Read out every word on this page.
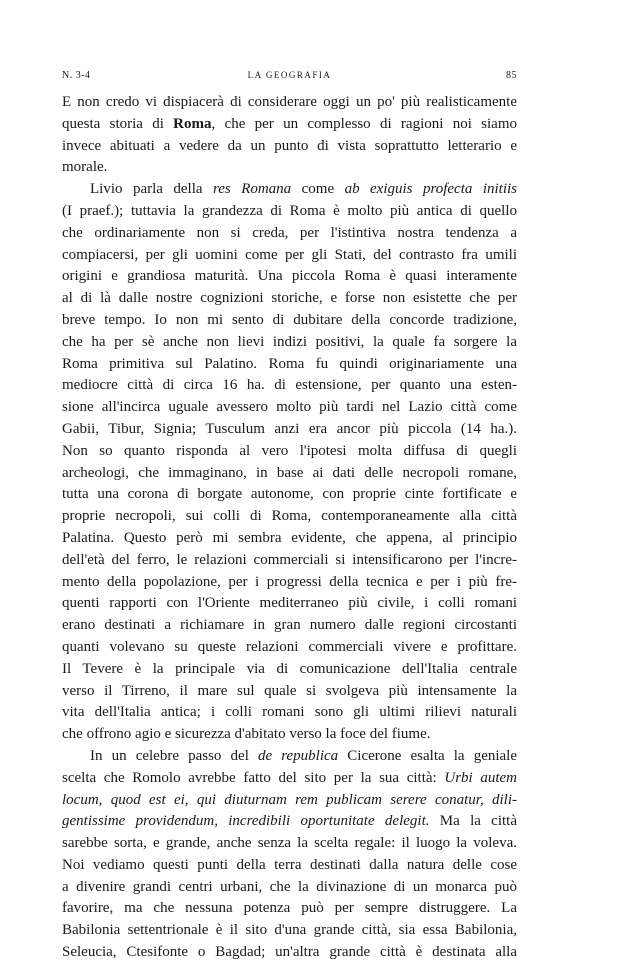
N. 3-4	LA GEOGRAFIA	85
E non credo vi dispiacerà di considerare oggi un po' più realisticamente
questa storia di Roma, che per un complesso di ragioni noi siamo
invece abituati a vedere da un punto di vista soprattutto letterario e
morale.
Livio parla della res Romana come ab exiguis profecta initiis
(I praef.); tuttavia la grandezza di Roma è molto più antica di quello
che ordinariamente non si creda, per l'istintiva nostra tendenza a
compiacersi, per gli uomini come per gli Stati, del contrasto fra umili
origini e grandiosa maturità. Una piccola Roma è quasi interamente
al di là dalle nostre cognizioni storiche, e forse non esistette che per
breve tempo. Io non mi sento di dubitare della concorde tradizione,
che ha per sè anche non lievi indizi positivi, la quale fa sorgere la
Roma primitiva sul Palatino. Roma fu quindi originariamente una
mediocre città di circa 16 ha. di estensione, per quanto una esten-
sione all'incirca uguale avessero molto più tardi nel Lazio città come
Gabii, Tibur, Signia; Tusculum anzi era ancor più piccola (14 ha.).
Non so quanto risponda al vero l'ipotesi molta diffusa di quegli
archeologi, che immaginano, in base ai dati delle necropoli romane,
tutta una corona di borgate autonome, con proprie cinte fortificate e
proprie necropoli, sui colli di Roma, contemporaneamente alla città
Palatina. Questo però mi sembra evidente, che appena, al principio
dell'età del ferro, le relazioni commerciali si intensificarono per l'incre-
mento della popolazione, per i progressi della tecnica e per i più fre-
quenti rapporti con l'Oriente mediterraneo più civile, i colli romani
erano destinati a richiamare in gran numero dalle regioni circostanti
quanti volevano su queste relazioni commerciali vivere e profittare.
Il Tevere è la principale via di comunicazione dell'Italia centrale
verso il Tirreno, il mare sul quale si svolgeva più intensamente la
vita dell'Italia antica; i colli romani sono gli ultimi rilievi naturali
che offrono agio e sicurezza d'abitato verso la foce del fiume.
In un celebre passo del de republica Cicerone esalta la geniale
scelta che Romolo avrebbe fatto del sito per la sua città: Urbi autem
locum, quod est ei, qui diuturnam rem publicam serere conatur, dili-
gentissime providendum, incredibili oportunitate delegit. Ma la città
sarebbe sorta, e grande, anche senza la scelta regale: il luogo la voleva.
Noi vediamo questi punti della terra destinati dalla natura delle cose
a divenire grandi centri urbani, che la divinazione di un monarca può
favorire, ma che nessuna potenza può per sempre distruggere. La
Babilonia settentrionale è il sito d'una grande città, sia essa Babilonia,
Seleucia, Ctesifonte o Bagdad; un'altra grande città è destinata alla
